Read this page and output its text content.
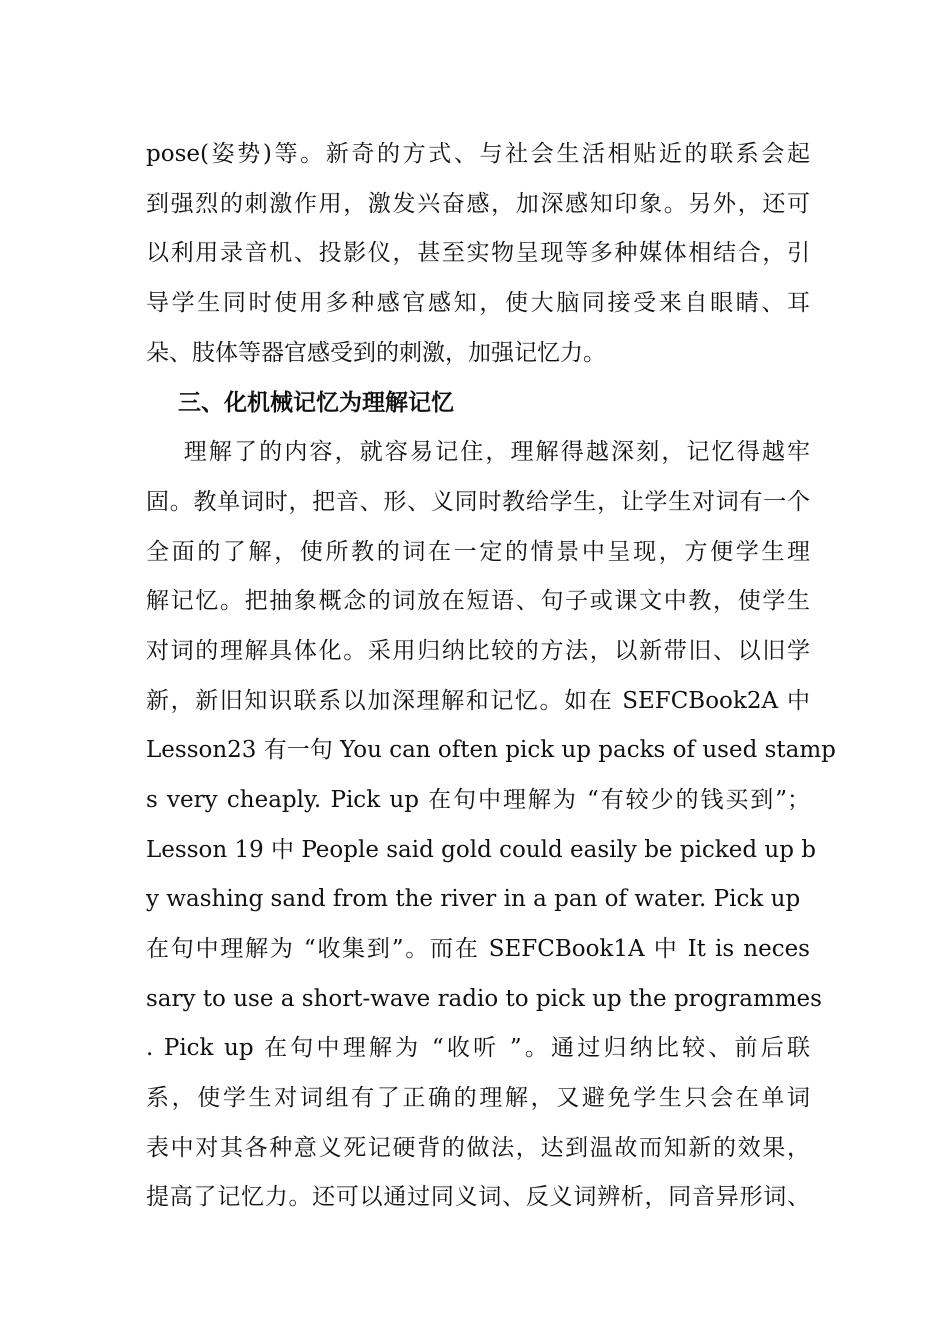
pose(姿势)等。新奇的方式、与社会生活相贴近的联系会起
到强烈的刺激作用，激发兴奋感，加深感知印象。另外，还可
以利用录音机、投影仪，甚至实物呈现等多种媒体相结合，引
导学生同时使用多种感官感知，使大脑同接受来自眼睛、耳
朵、肢体等器官感受到的刺激，加强记忆力。
三、化机械记忆为理解记忆
理解了的内容，就容易记住，理解得越深刻，记忆得越牢
固。教单词时，把音、形、义同时教给学生，让学生对词有一个
全面的了解，使所教的词在一定的情景中呈现，方便学生理
解记忆。把抽象概念的词放在短语、句子或课文中教，使学生
对词的理解具体化。采用归纳比较的方法，以新带旧、以旧学
新，新旧知识联系以加深理解和记忆。如在 SEFCBook2A 中
Lesson23 有一句 You can often pick up packs of used stamp
s very cheaply. Pick up 在句中理解为 “有较少的钱买到”；
Lesson 19 中 People said gold could easily be picked up b
y washing sand from the river in a pan of water. Pick up
在句中理解为 “收集到”。而在 SEFCBook1A 中 It is neces
sary to use a short-wave radio to pick up the programmes
. Pick up 在句中理解为 “收听 ”。通过归纳比较、前后联
系，使学生对词组有了正确的理解，又避免学生只会在单词
表中对其各种意义死记硬背的做法，达到温故而知新的效果，
提高了记忆力。还可以通过同义词、反义词辨析，同音异形词、
